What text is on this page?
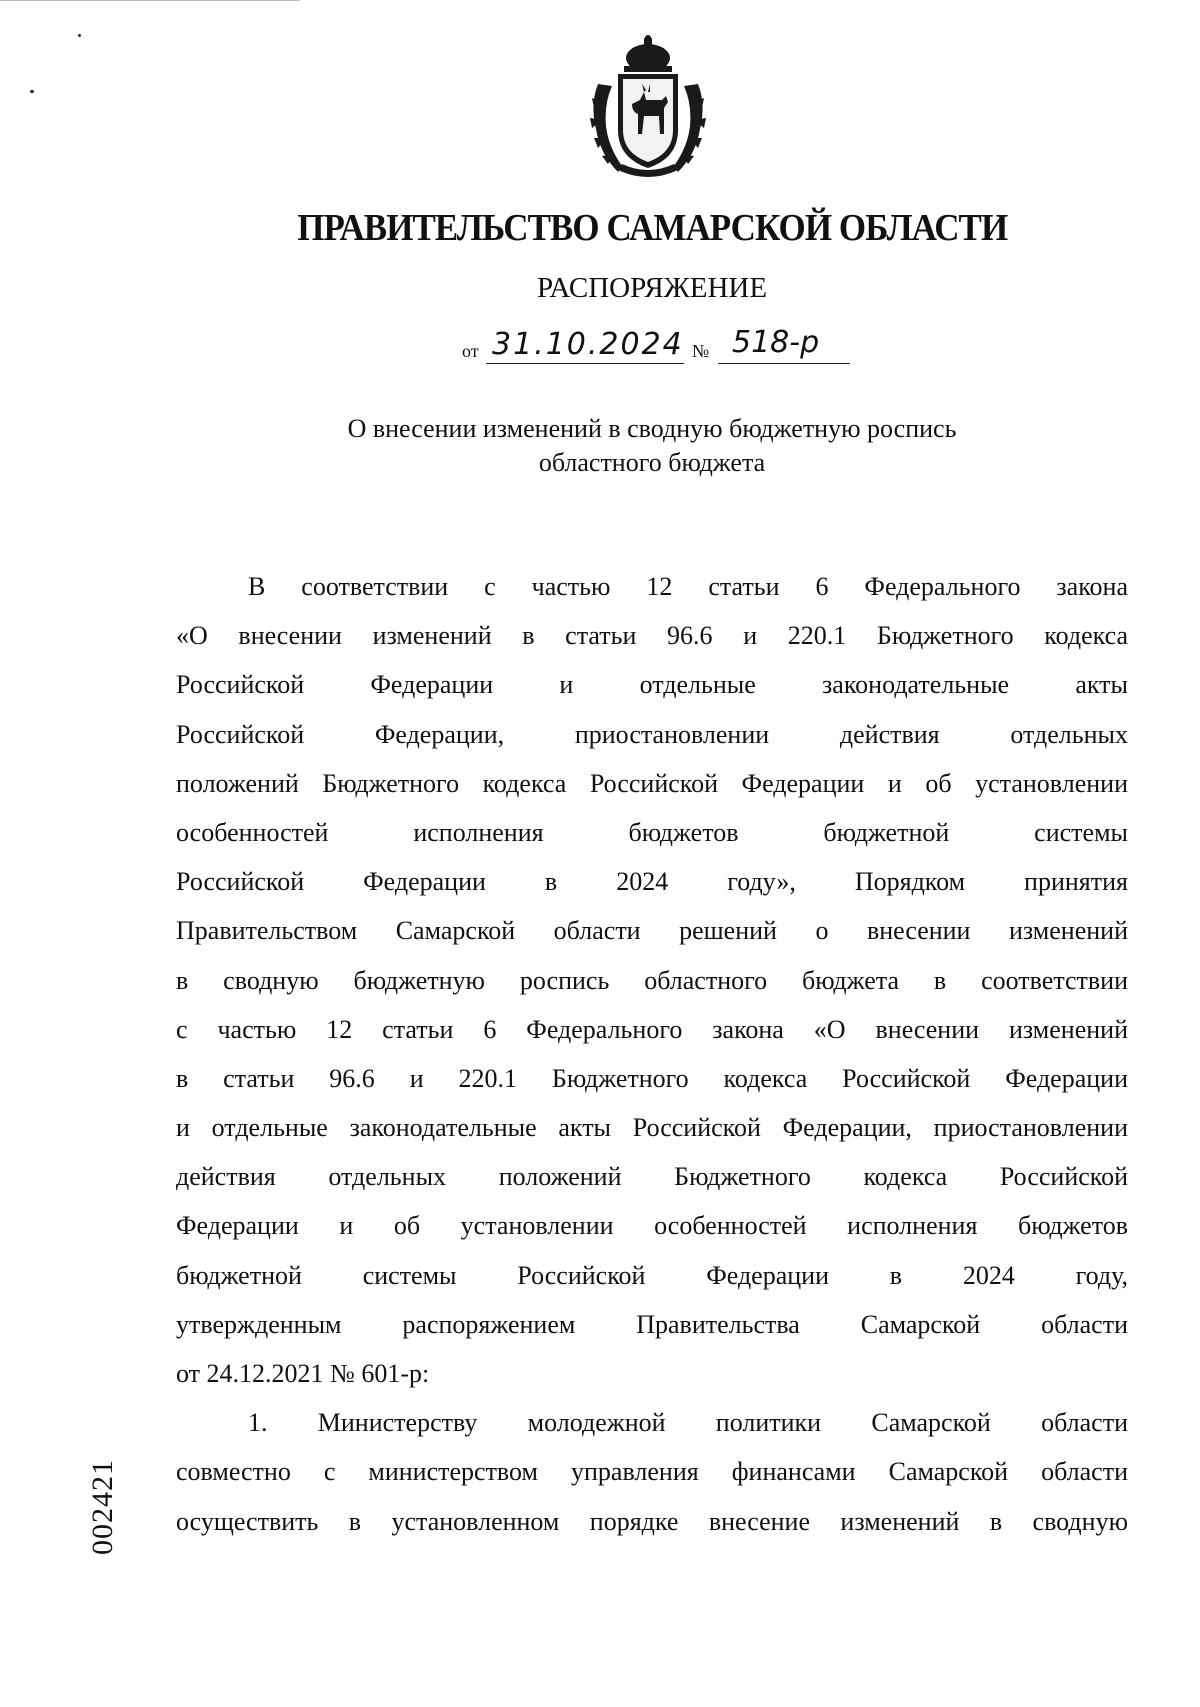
ПРАВИТЕЛЬСТВО САМАРСКОЙ ОБЛАСТИ
РАСПОРЯЖЕНИЕ
от 31.10.2024 № 518-р
О внесении изменений в сводную бюджетную роспись
областного бюджета
В соответствии с частью 12 статьи 6 Федерального закона
«О внесении изменений в статьи 96.6 и 220.1 Бюджетного кодекса
Российской Федерации и отдельные законодательные акты
Российской Федерации, приостановлении действия отдельных
положений Бюджетного кодекса Российской Федерации и об установлении
особенностей исполнения бюджетов бюджетной системы
Российской Федерации в 2024 году», Порядком принятия
Правительством Самарской области решений о внесении изменений
в сводную бюджетную роспись областного бюджета в соответствии
с частью 12 статьи 6 Федерального закона «О внесении изменений
в статьи 96.6 и 220.1 Бюджетного кодекса Российской Федерации
и отдельные законодательные акты Российской Федерации, приостановлении
действия отдельных положений Бюджетного кодекса Российской
Федерации и об установлении особенностей исполнения бюджетов
бюджетной системы Российской Федерации в 2024 году,
утвержденным распоряжением Правительства Самарской области
от 24.12.2021 № 601-р:
1. Министерству молодежной политики Самарской области
совместно с министерством управления финансами Самарской области
осуществить в установленном порядке внесение изменений в сводную
002421
